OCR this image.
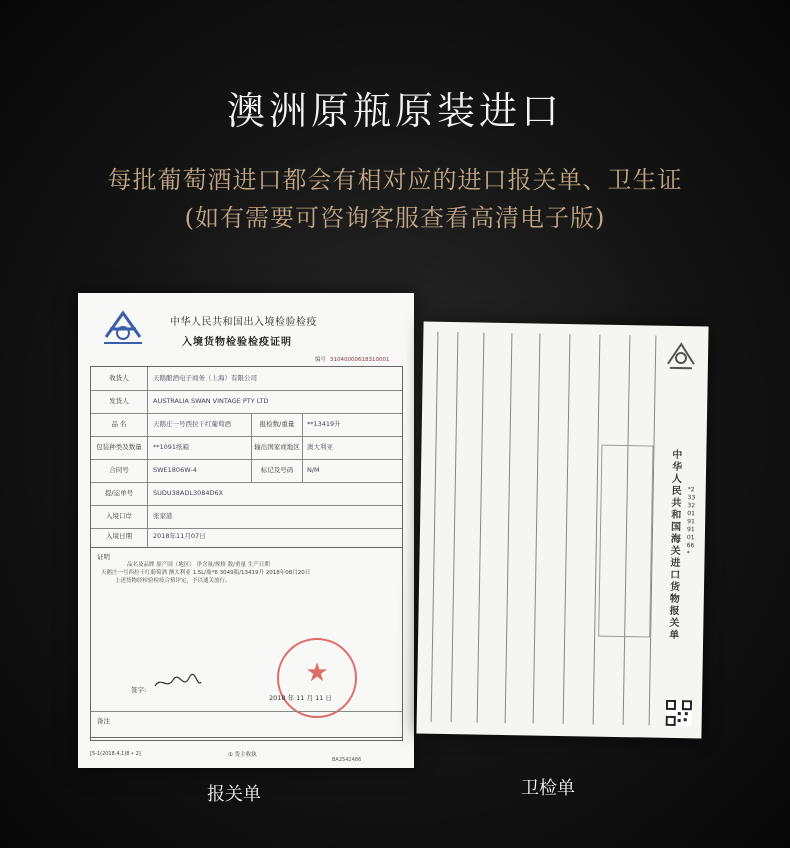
澳洲原瓶原装进口
每批葡萄酒进口都会有相对应的进口报关单、卫生证
(如有需要可咨询客服查看高清电子版)
中华人民共和国出入境检验检疫
入境货物检验检疫证明
编号 31040000618310001
收货人	天鹅酿酒电子商务（上海）有限公司
发货人	AUSTRALIA SWAN VINTAGE PTY LTD
品 名	天鹅庄一号西拉干红葡萄酒	报检数/重量	**13419升
包装种类及数量	**1091纸箱	输出国家或地区	澳大利亚
合同号	SWE1806W-4	标记及号码	N/M
提/运单号	SUDU38ADL3084D6X
入境口岸	张家港
入境日期	2018年11月07日
证明
品名及品牌 原产国（地区） 净含量/规格 数/重量 生产日期
天鹅庄一号西拉干红葡萄酒 澳大利亚 1.5L/瓶*6 3049瓶/13419升 2018年08月20日
上述货物经检验检疫合格评定，予以通关放行。
★
签字:
2018 年 11 月 11 日
备注
[5-1(2018.4.1)8 • 2]	① 货主收执
BA2542486
中华人民共和国海关进口货物报关单
*233320191910166*
报关单	卫检单
